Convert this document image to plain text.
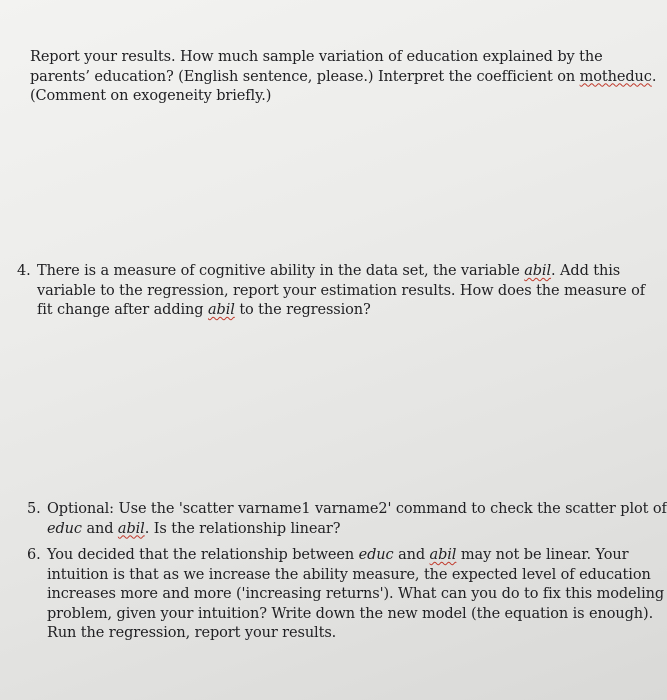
Report your results. How much sample variation of education explained by the
parents’ education? (English sentence, please.) Interpret the coefficient on motheduc.
(Comment on exogeneity briefly.)
4. There is a measure of cognitive ability in the data set, the variable abil. Add this
variable to the regression, report your estimation results. How does the measure of
fit change after adding abil to the regression?
5. Optional: Use the 'scatter varname1 varname2' command to check the scatter plot of
educ and abil. Is the relationship linear?
6. You decided that the relationship between educ and abil may not be linear. Your
intuition is that as we increase the ability measure, the expected level of education
increases more and more ('increasing returns'). What can you do to fix this modeling
problem, given your intuition? Write down the new model (the equation is enough).
Run the regression, report your results.
